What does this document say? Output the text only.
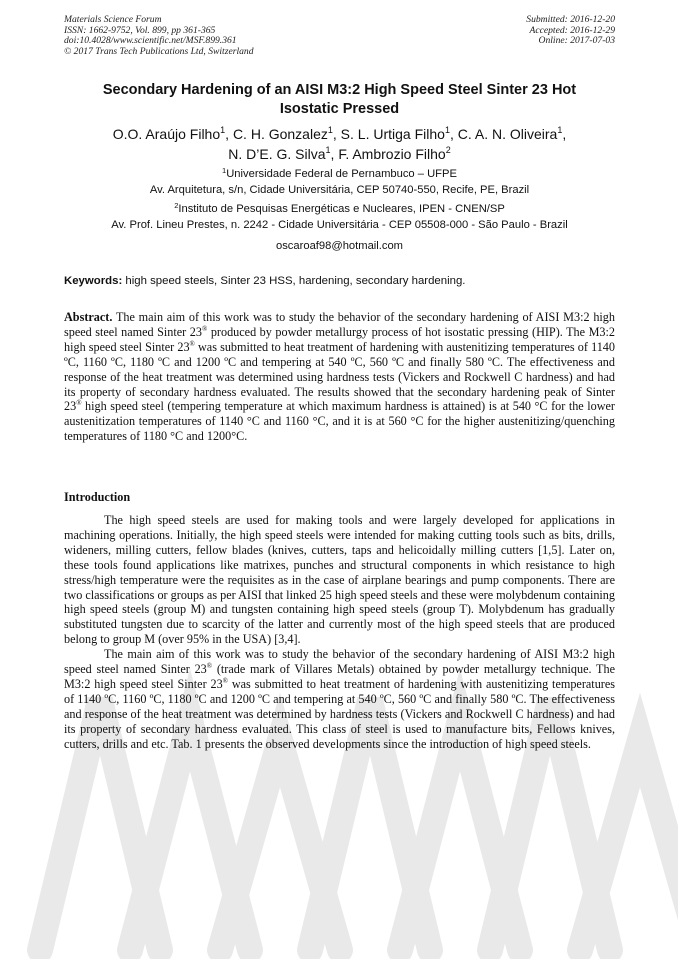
Materials Science Forum
ISSN: 1662-9752, Vol. 899, pp 361-365
doi:10.4028/www.scientific.net/MSF.899.361
© 2017 Trans Tech Publications Ltd, Switzerland
Submitted: 2016-12-20
Accepted: 2016-12-29
Online: 2017-07-03
Secondary Hardening of an AISI M3:2 High Speed Steel Sinter 23 Hot
Isostatic Pressed
O.O. Araújo Filho$^1$, C. H. Gonzalez$^1$, S. L. Urtiga Filho$^1$, C. A. N. Oliveira$^1$,
N. D’E. G. Silva$^1$, F. Ambrozio Filho$^2$
$^1$Universidade Federal de Pernambuco – UFPE
Av. Arquitetura, s/n, Cidade Universitária, CEP 50740-550, Recife, PE, Brazil
$^2$Instituto de Pesquisas Energéticas e Nucleares, IPEN - CNEN/SP
Av. Prof. Lineu Prestes, n. 2242 - Cidade Universitária - CEP 05508-000 - São Paulo - Brazil
oscaroaf98@hotmail.com
Keywords: high speed steels, Sinter 23 HSS, hardening, secondary hardening.
Abstract. The main aim of this work was to study the behavior of the secondary hardening of AISI M3:2 high speed steel named Sinter 23® produced by powder metallurgy process of hot isostatic pressing (HIP). The M3:2 high speed steel Sinter 23® was submitted to heat treatment of hardening with austenitizing temperatures of 1140 ºC, 1160 ºC, 1180 ºC and 1200 ºC and tempering at 540 ºC, 560 ºC and finally 580 ºC. The effectiveness and response of the heat treatment was determined using hardness tests (Vickers and Rockwell C hardness) and had its property of secondary hardness evaluated. The results showed that the secondary hardening peak of Sinter 23® high speed steel (tempering temperature at which maximum hardness is attained) is at 540 °C for the lower austenitization temperatures of 1140 °C and 1160 °C, and it is at 560 °C for the higher austenitizing/quenching temperatures of 1180 °C and 1200°C.
Introduction

The high speed steels are used for making tools and were largely developed for applications in machining operations. Initially, the high speed steels were intended for making cutting tools such as bits, drills, wideners, milling cutters, fellow blades (knives, cutters, taps and helicoidally milling cutters [1,5]. Later on, these tools found applications like matrixes, punches and structural components in which resistance to high stress/high temperature were the requisites as in the case of airplane bearings and pump components. There are two classifications or groups as per AISI that linked 25 high speed steels and these were molybdenum containing high speed steels (group M) and tungsten containing high speed steels (group T). Molybdenum has gradually substituted tungsten due to scarcity of the latter and currently most of the high speed steels that are produced belong to group M (over 95% in the USA) [3,4].

The main aim of this work was to study the behavior of the secondary hardening of AISI M3:2 high speed steel named Sinter 23® (trade mark of Villares Metals) obtained by powder metallurgy technique. The M3:2 high speed steel Sinter 23® was submitted to heat treatment of hardening with austenitizing temperatures of 1140 ºC, 1160 ºC, 1180 ºC and 1200 ºC and tempering at 540 ºC, 560 ºC and finally 580 ºC. The effectiveness and response of the heat treatment was determined by hardness tests (Vickers and Rockwell C hardness) and had its property of secondary hardness evaluated. This class of steel is used to manufacture bits, Fellows knives, cutters, drills and etc. Tab. 1 presents the observed developments since the introduction of high speed steels.
